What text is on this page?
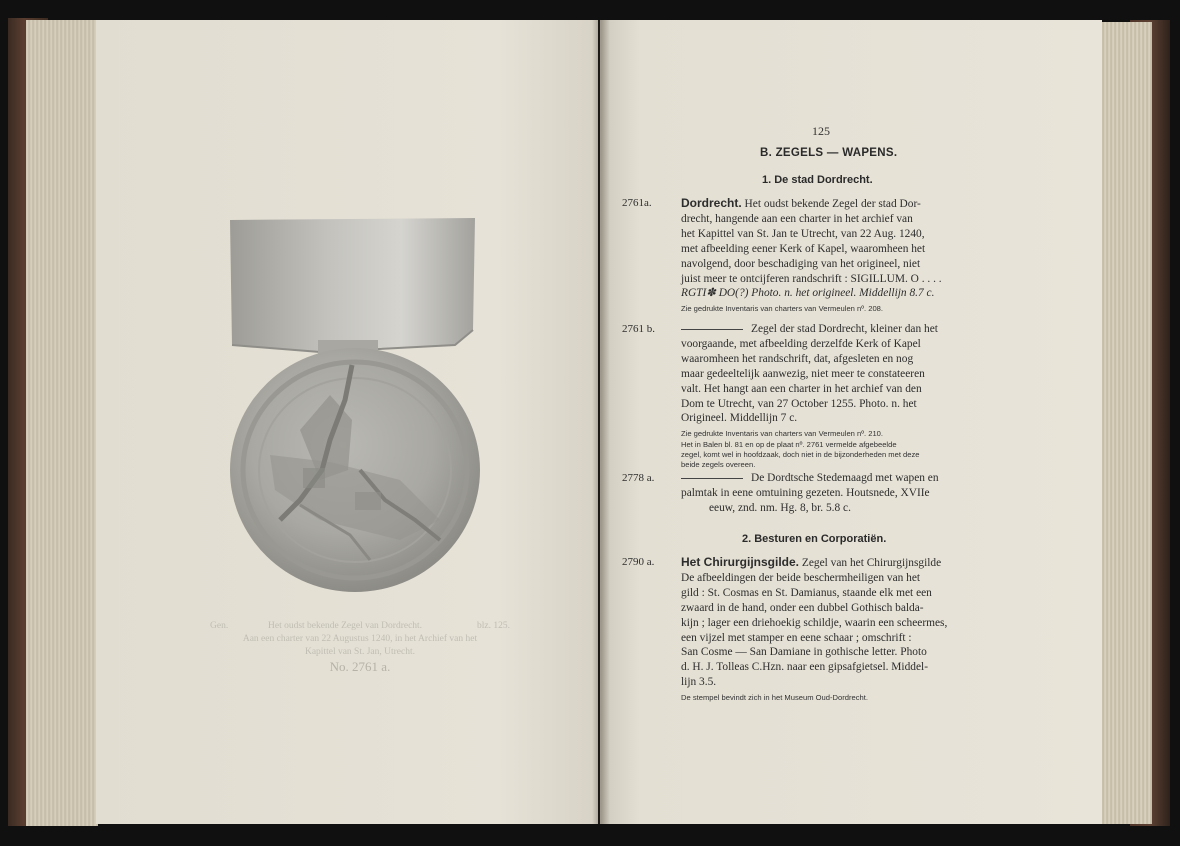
Gen.	Het oudst bekende Zegel van Dordrecht.	blz. 125.
Aan een charter van 22 Augustus 1240, in het Archief van het
Kapittel van St. Jan, Utrecht.
No. 2761 a.
125
B. ZEGELS — WAPENS.
1. De stad Dordrecht.
2761a.	Dordrecht. Het oudst bekende Zegel der stad Dor-
drecht, hangende aan een charter in het archief van
het Kapittel van St. Jan te Utrecht, van 22 Aug. 1240,
met afbeelding eener Kerk of Kapel, waaromheen het
navolgend, door beschadiging van het origineel, niet
juist meer te ontcijferen randschrift : SIGILLUM. O . . . .
RGTI✽ DO(?) Photo. n. het origineel. Middellijn 8.7 c.
Zie gedrukte Inventaris van charters van Vermeulen nº. 208.
2761 b.	Zegel der stad Dordrecht, kleiner dan het
voorgaande, met afbeelding derzelfde Kerk of Kapel
waaromheen het randschrift, dat, afgesleten en nog
maar gedeeltelijk aanwezig, niet meer te constateeren
valt. Het hangt aan een charter in het archief van den
Dom te Utrecht, van 27 October 1255. Photo. n. het
Origineel. Middellijn 7 c.
Zie gedrukte Inventaris van charters van Vermeulen nº. 210.
Het in Balen bl. 81 en op de plaat nº. 2761 vermelde afgebeelde
zegel, komt wel in hoofdzaak, doch niet in de bijzonderheden met deze
beide zegels overeen.
2778 a.	De Dordtsche Stedemaagd met wapen en
palmtak in eene omtuining gezeten. Houtsnede, XVIIe
eeuw, znd. nm. Hg. 8, br. 5.8 c.
2. Besturen en Corporatiën.
2790 a.	Het Chirurgijnsgilde. Zegel van het Chirurgijnsgilde
De afbeeldingen der beide beschermheiligen van het
gild : St. Cosmas en St. Damianus, staande elk met een
zwaard in de hand, onder een dubbel Gothisch balda-
kijn ; lager een driehoekig schildje, waarin een scheermes,
een vijzel met stamper en eene schaar ; omschrift :
San Cosme — San Damiane in gothische letter. Photo
d. H. J. Tolleas C.Hzn. naar een gipsafgietsel. Middel-
lijn 3.5.
De stempel bevindt zich in het Museum Oud-Dordrecht.
